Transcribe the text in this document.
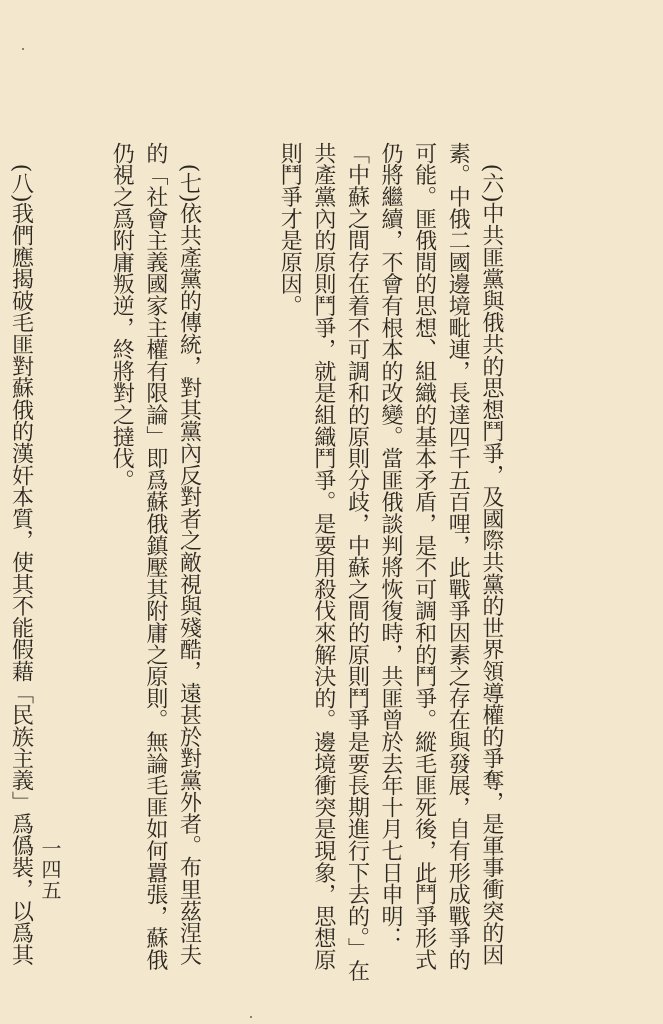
　(六)中共匪黨與俄共的思想鬥爭，及國際共黨的世界領導權的爭奪，是軍事衝突的因素。中俄二國邊境毗連，長達四千五百哩，此戰爭因素之存在與發展，自有形成戰爭的可能。匪俄間的思想、組織的基本矛盾，是不可調和的鬥爭。縱毛匪死後，此鬥爭形式仍將繼續，不會有根本的改變。當匪俄談判將恢復時，共匪曾於去年十月七日申明：「中蘇之間存在着不可調和的原則分歧，中蘇之間的原則鬥爭是要長期進行下去的。」在共產黨內的原則鬥爭，就是組織鬥爭。是要用殺伐來解決的。邊境衝突是現象，思想原則鬥爭才是原因。

　(七)依共產黨的傳統，對其黨內反對者之敵視與殘酷，遠甚於對黨外者。布里茲涅夫的「社會主義國家主權有限論」即爲蘇俄鎮壓其附庸之原則。無論毛匪如何囂張，蘇俄仍視之爲附庸叛逆，終將對之撻伐。

　(八)我們應揭破毛匪對蘇俄的漢奸本質，使其不能假藉「民族主義」爲僞裝，以爲其

一四五
